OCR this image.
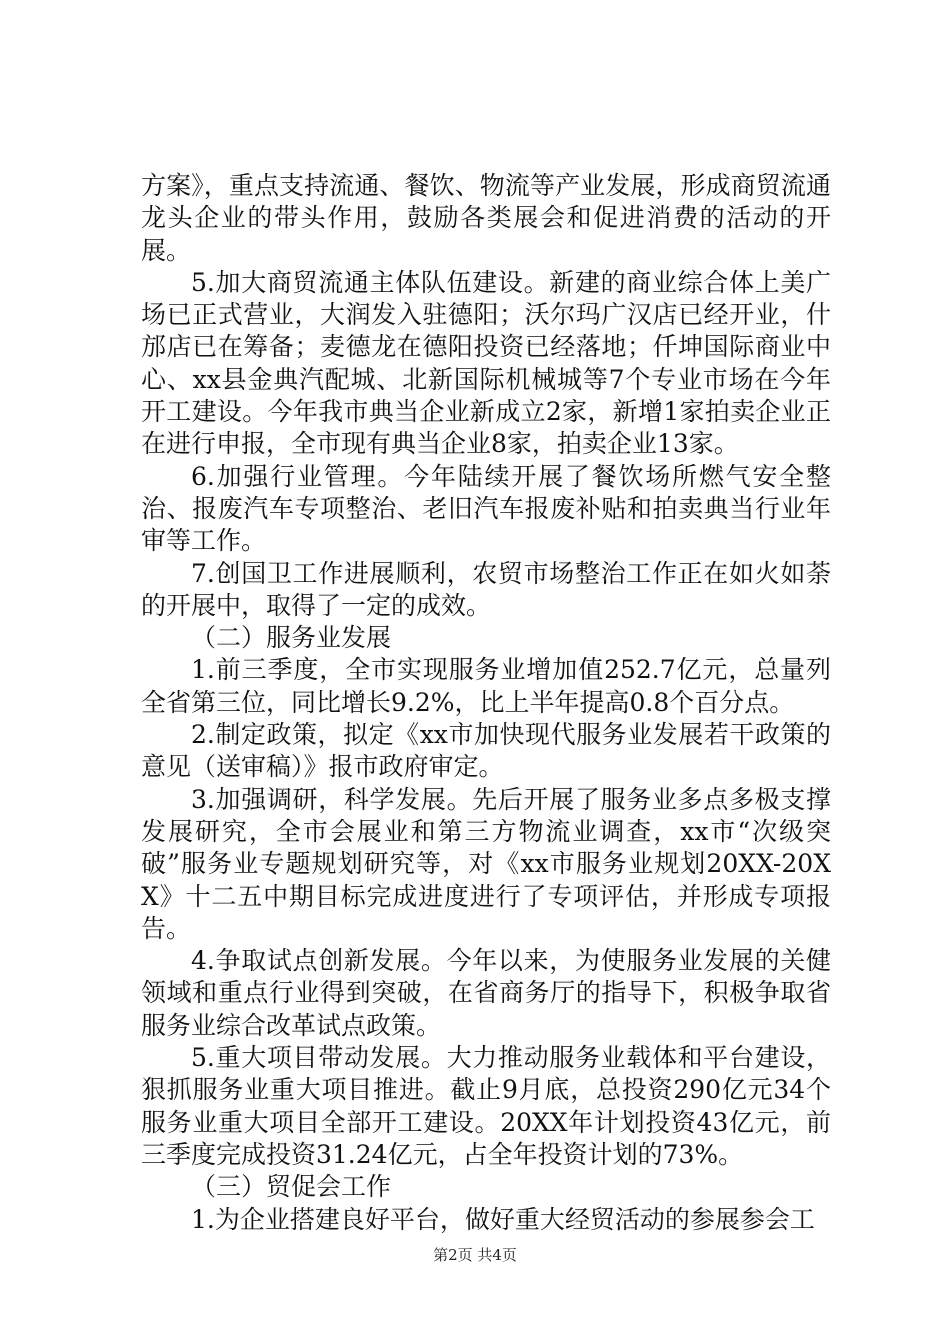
方案》，重点支持流通、餐饮、物流等产业发展，形成商贸流通龙头企业的带头作用，鼓励各类展会和促进消费的活动的开展。

5.加大商贸流通主体队伍建设。新建的商业综合体上美广场已正式营业，大润发入驻德阳；沃尔玛广汉店已经开业，什邡店已在筹备；麦德龙在德阳投资已经落地；仟坤国际商业中心、xx县金典汽配城、北新国际机械城等7个专业市场在今年开工建设。今年我市典当企业新成立2家，新增1家拍卖企业正在进行申报，全市现有典当企业8家，拍卖企业13家。

6.加强行业管理。今年陆续开展了餐饮场所燃气安全整治、报废汽车专项整治、老旧汽车报废补贴和拍卖典当行业年审等工作。

7.创国卫工作进展顺利，农贸市场整治工作正在如火如荼的开展中，取得了一定的成效。

（二）服务业发展

1.前三季度，全市实现服务业增加值252.7亿元，总量列全省第三位，同比增长9.2%，比上半年提高0.8个百分点。

2.制定政策，拟定《xx市加快现代服务业发展若干政策的意见（送审稿）》报市政府审定。

3.加强调研，科学发展。先后开展了服务业多点多极支撑发展研究，全市会展业和第三方物流业调查，xx市“次级突破”服务业专题规划研究等，对《xx市服务业规划20XX-20XX》十二五中期目标完成进度进行了专项评估，并形成专项报告。

4.争取试点创新发展。今年以来，为使服务业发展的关健领域和重点行业得到突破，在省商务厅的指导下，积极争取省服务业综合改革试点政策。

5.重大项目带动发展。大力推动服务业载体和平台建设，狠抓服务业重大项目推进。截止9月底，总投资290亿元34个服务业重大项目全部开工建设。20XX年计划投资43亿元，前三季度完成投资31.24亿元，占全年投资计划的73%。

（三）贸促会工作

1.为企业搭建良好平台，做好重大经贸活动的参展参会工

第2页 共4页
